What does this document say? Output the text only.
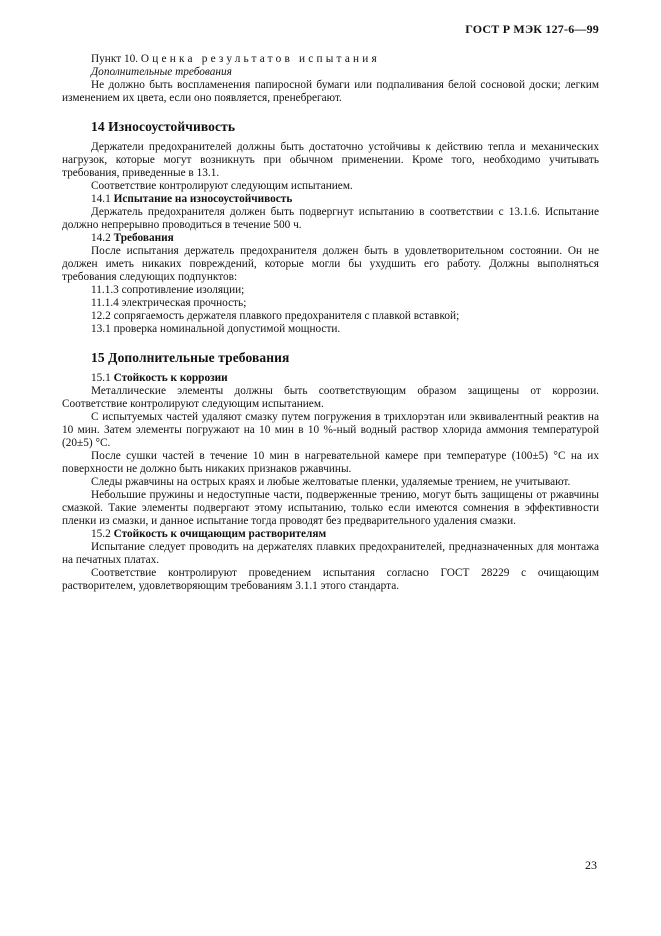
ГОСТ Р МЭК 127-6—99

Пункт 10. Оценка результатов испытания

Дополнительные требования

Не должно быть воспламенения папиросной бумаги или подпаливания белой сосновой доски; легким изменением их цвета, если оно появляется, пренебрегают.

14 Износоустойчивость

Держатели предохранителей должны быть достаточно устойчивы к действию тепла и механических нагрузок, которые могут возникнуть при обычном применении. Кроме того, необходимо учитывать требования, приведенные в 13.1.

Соответствие контролируют следующим испытанием.

14.1 Испытание на износоустойчивость

Держатель предохранителя должен быть подвергнут испытанию в соответствии с 13.1.6. Испытание должно непрерывно проводиться в течение 500 ч.

14.2 Требования

После испытания держатель предохранителя должен быть в удовлетворительном состоянии. Он не должен иметь никаких повреждений, которые могли бы ухудшить его работу. Должны выполняться требования следующих подпунктов:

11.1.3 сопротивление изоляции;

11.1.4 электрическая прочность;

12.2 сопрягаемость держателя плавкого предохранителя с плавкой вставкой;

13.1 проверка номинальной допустимой мощности.

15 Дополнительные требования

15.1 Стойкость к коррозии

Металлические элементы должны быть соответствующим образом защищены от коррозии. Соответствие контролируют следующим испытанием.

С испытуемых частей удаляют смазку путем погружения в трихлорэтан или эквивалентный реактив на 10 мин. Затем элементы погружают на 10 мин в 10 %-ный водный раствор хлорида аммония температурой (20±5) °С.

После сушки частей в течение 10 мин в нагревательной камере при температуре (100±5) °С на их поверхности не должно быть никаких признаков ржавчины.

Следы ржавчины на острых краях и любые желтоватые пленки, удаляемые трением, не учитывают.

Небольшие пружины и недоступные части, подверженные трению, могут быть защищены от ржавчины смазкой. Такие элементы подвергают этому испытанию, только если имеются сомнения в эффективности пленки из смазки, и данное испытание тогда проводят без предварительного удаления смазки.

15.2 Стойкость к очищающим растворителям

Испытание следует проводить на держателях плавких предохранителей, предназначенных для монтажа на печатных платах.

Соответствие контролируют проведением испытания согласно ГОСТ 28229 с очищающим растворителем, удовлетворяющим требованиям 3.1.1 этого стандарта.

23
